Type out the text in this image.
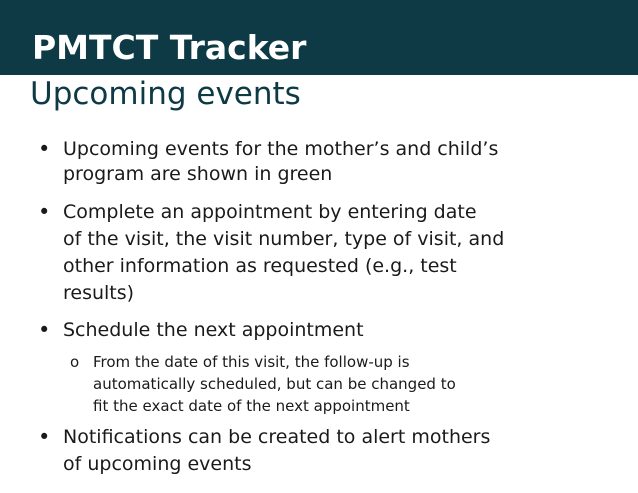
PMTCT Tracker
Upcoming events
• Upcoming events for the mother’s and child’s
program are shown in green
• Complete an appointment by entering date
of the visit, the visit number, type of visit, and
other information as requested (e.g., test
results)
• Schedule the next appointment
o From the date of this visit, the follow-up is
automatically scheduled, but can be changed to
fit the exact date of the next appointment
• Notifications can be created to alert mothers
of upcoming events
